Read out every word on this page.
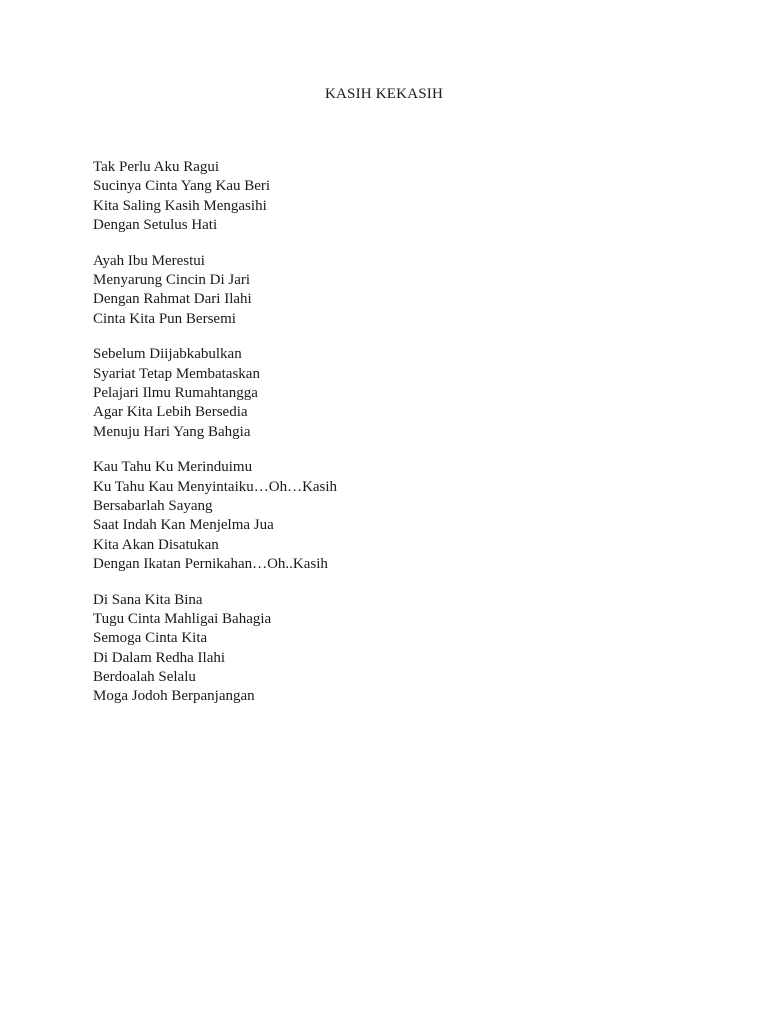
KASIH KEKASIH
Tak Perlu Aku Ragui
Sucinya Cinta Yang Kau Beri
Kita Saling Kasih Mengasihi
Dengan Setulus Hati
Ayah Ibu Merestui
Menyarung Cincin Di Jari
Dengan Rahmat Dari Ilahi
Cinta Kita Pun Bersemi
Sebelum Diijabkabulkan
Syariat Tetap Membataskan
Pelajari Ilmu Rumahtangga
Agar Kita Lebih Bersedia
Menuju Hari Yang Bahgia
Kau Tahu Ku Merinduimu
Ku Tahu Kau Menyintaiku…Oh…Kasih
Bersabarlah Sayang
Saat Indah Kan Menjelma Jua
Kita Akan Disatukan
Dengan Ikatan Pernikahan…Oh..Kasih
Di Sana Kita Bina
Tugu Cinta Mahligai Bahagia
Semoga Cinta Kita
Di Dalam Redha Ilahi
Berdoalah Selalu
Moga Jodoh Berpanjangan
